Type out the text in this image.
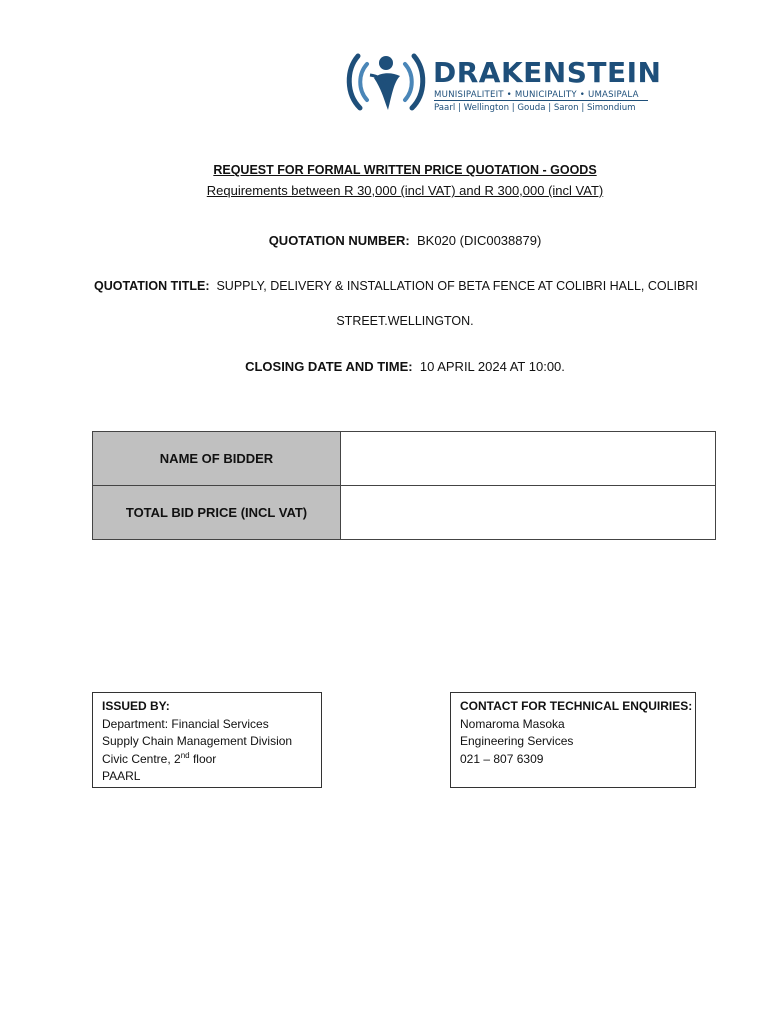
DRAKENSTEIN
MUNISIPALITEIT • MUNICIPALITY • UMASIPALA
Paarl | Wellington | Gouda | Saron | Simondium
REQUEST FOR FORMAL WRITTEN PRICE QUOTATION - GOODS
Requirements between R 30,000 (incl VAT) and R 300,000 (incl VAT)
QUOTATION NUMBER: BK020 (DIC0038879)
QUOTATION TITLE: SUPPLY, DELIVERY & INSTALLATION OF BETA FENCE AT COLIBRI HALL, COLIBRI
STREET.WELLINGTON.
CLOSING DATE AND TIME: 10 APRIL 2024 AT 10:00.
NAME OF BIDDER	
TOTAL BID PRICE (INCL VAT)	
ISSUED BY:
Department: Financial Services
Supply Chain Management Division
Civic Centre, 2nd floor
PAARL
CONTACT FOR TECHNICAL ENQUIRIES:
Nomaroma Masoka
Engineering Services
021 – 807 6309
